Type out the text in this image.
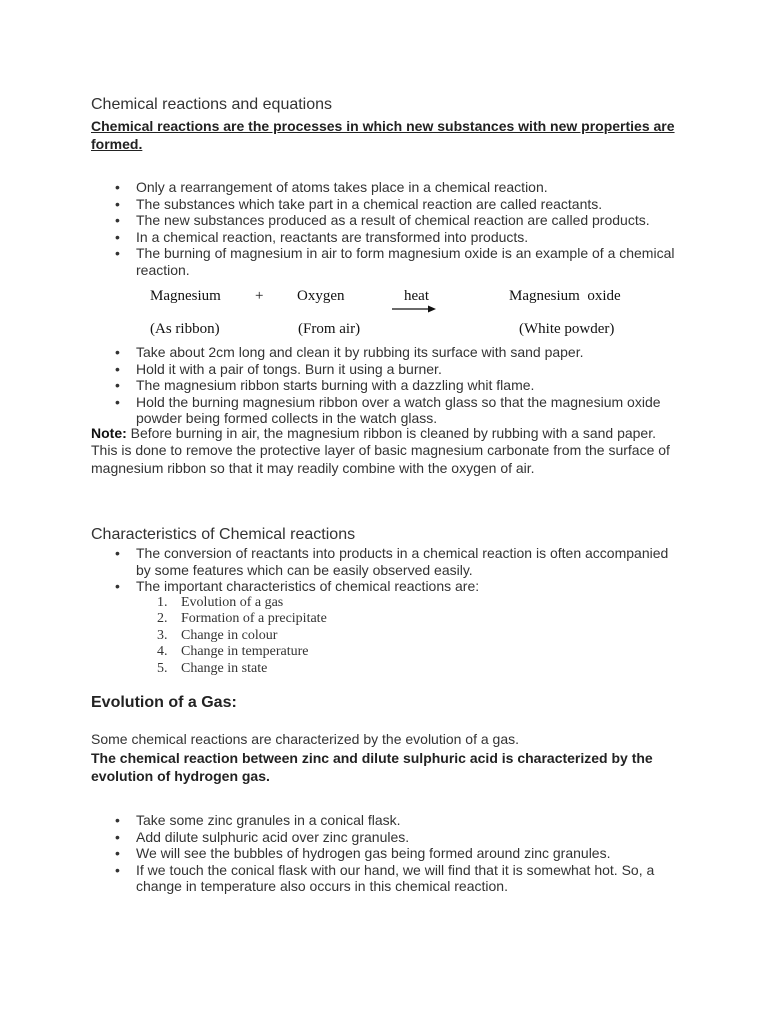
Chemical reactions and equations

Chemical reactions are the processes in which new substances with new properties are formed.

• Only a rearrangement of atoms takes place in a chemical reaction.
• The substances which take part in a chemical reaction are called reactants.
• The new substances produced as a result of chemical reaction are called products.
• In a chemical reaction, reactants are transformed into products.
• The burning of magnesium in air to form magnesium oxide is an example of a chemical reaction.
Magnesium + Oxygen	heat	Magnesium  oxide
(As ribbon)	(From air)	(White powder)
• Take about 2cm long and clean it by rubbing its surface with sand paper.
• Hold it with a pair of tongs. Burn it using a burner.
• The magnesium ribbon starts burning with a dazzling whit flame.
• Hold the burning magnesium ribbon over a watch glass so that the magnesium oxide powder being formed collects in the watch glass.

Note: Before burning in air, the magnesium ribbon is cleaned by rubbing with a sand paper. This is done to remove the protective layer of basic magnesium carbonate from the surface of magnesium ribbon so that it may readily combine with the oxygen of air.

Characteristics of Chemical reactions
• The conversion of reactants into products in a chemical reaction is often accompanied by some features which can be easily observed easily.
• The important characteristics of chemical reactions are:
1. Evolution of a gas
2. Formation of a precipitate
3. Change in colour
4. Change in temperature
5. Change in state
Evolution of a Gas:

Some chemical reactions are characterized by the evolution of a gas.

The chemical reaction between zinc and dilute sulphuric acid is characterized by the evolution of hydrogen gas.

• Take some zinc granules in a conical flask.
• Add dilute sulphuric acid over zinc granules.
• We will see the bubbles of hydrogen gas being formed around zinc granules.
• If we touch the conical flask with our hand, we will find that it is somewhat hot. So, a change in temperature also occurs in this chemical reaction.
